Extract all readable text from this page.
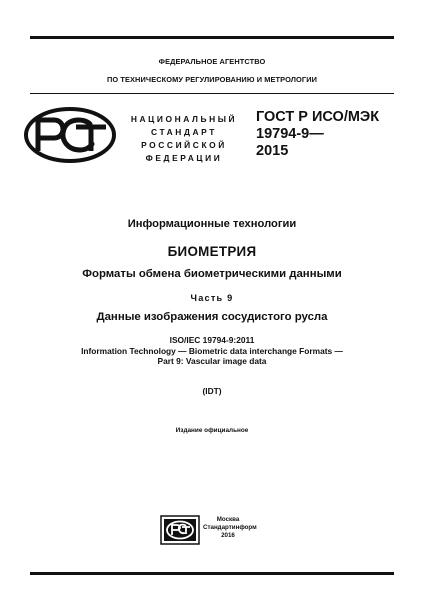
ФЕДЕРАЛЬНОЕ АГЕНТСТВО
ПО ТЕХНИЧЕСКОМУ РЕГУЛИРОВАНИЮ И МЕТРОЛОГИИ
НАЦИОНАЛЬНЫЙ
СТАНДАРТ
РОССИЙСКОЙ
ФЕДЕРАЦИИ
ГОСТ Р ИСО/МЭК
19794-9—
2015
Информационные технологии
БИОМЕТРИЯ
Форматы обмена биометрическими данными
Часть 9
Данные изображения сосудистого русла
ISO/IEC 19794-9:2011
Information Technology — Biometric data interchange Formats —
Part 9: Vascular image data
(IDT)
Издание официальное
Москва
Стандартинформ
2016
